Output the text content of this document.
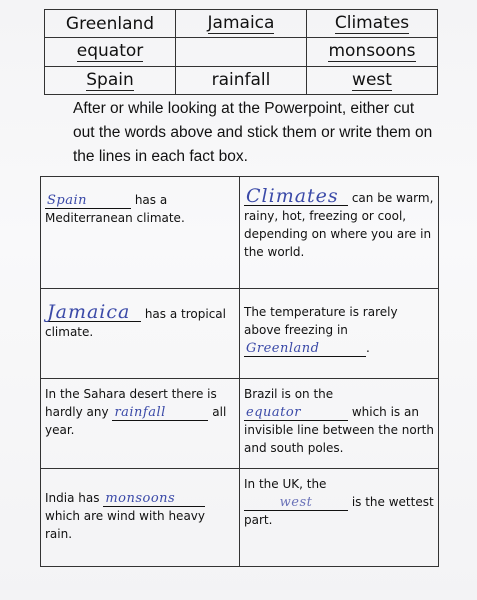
Greenland	Jamaica	Climates
equator		monsoons
Spain	rainfall	west
After or while looking at the Powerpoint, either cut out the words above and stick them or write them on the lines in each fact box.
Spain has a Mediterranean climate.	Climates can be warm, rainy, hot, freezing or cool, depending on where you are in the world.

Jamaica has a tropical climate.	The temperature is rarely above freezing in Greenland .

In the Sahara desert there is hardly any rainfall all year.	Brazil is on the equator which is an invisible line between the north and south poles.

India has monsoons which are wind with heavy rain.	In the UK, the west is the wettest part.
